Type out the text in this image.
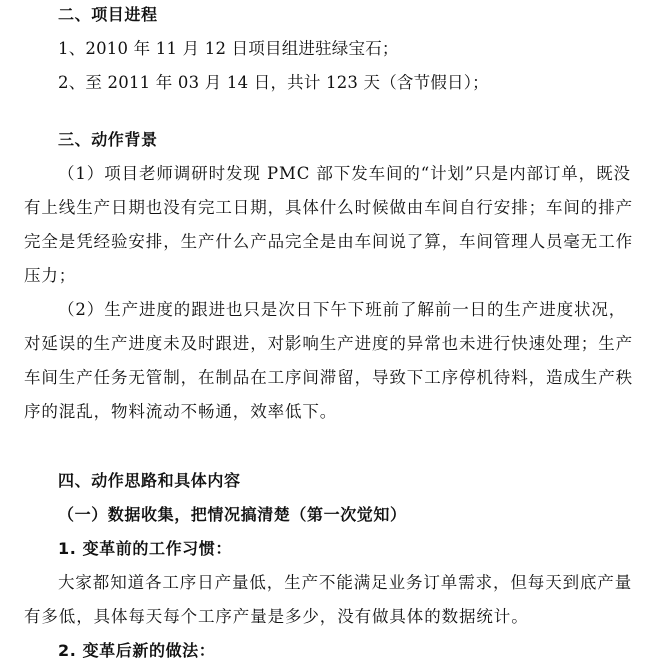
二、项目进程
1、2010 年 11 月 12 日项目组进驻绿宝石；
2、至 2011 年 03 月 14 日，共计 123 天（含节假日）；
三、动作背景
（1）项目老师调研时发现 PMC 部下发车间的“计划”只是内部订单，既没
有上线生产日期也没有完工日期，具体什么时候做由车间自行安排；车间的排产
完全是凭经验安排，生产什么产品完全是由车间说了算，车间管理人员毫无工作
压力；
（2）生产进度的跟进也只是次日下午下班前了解前一日的生产进度状况，
对延误的生产进度未及时跟进，对影响生产进度的异常也未进行快速处理；生产
车间生产任务无管制，在制品在工序间滞留，导致下工序停机待料，造成生产秩
序的混乱，物料流动不畅通，效率低下。
四、动作思路和具体内容
（一）数据收集，把情况搞清楚（第一次觉知）
1. 变革前的工作习惯：
大家都知道各工序日产量低，生产不能满足业务订单需求，但每天到底产量
有多低，具体每天每个工序产量是多少，没有做具体的数据统计。
2. 变革后新的做法：
